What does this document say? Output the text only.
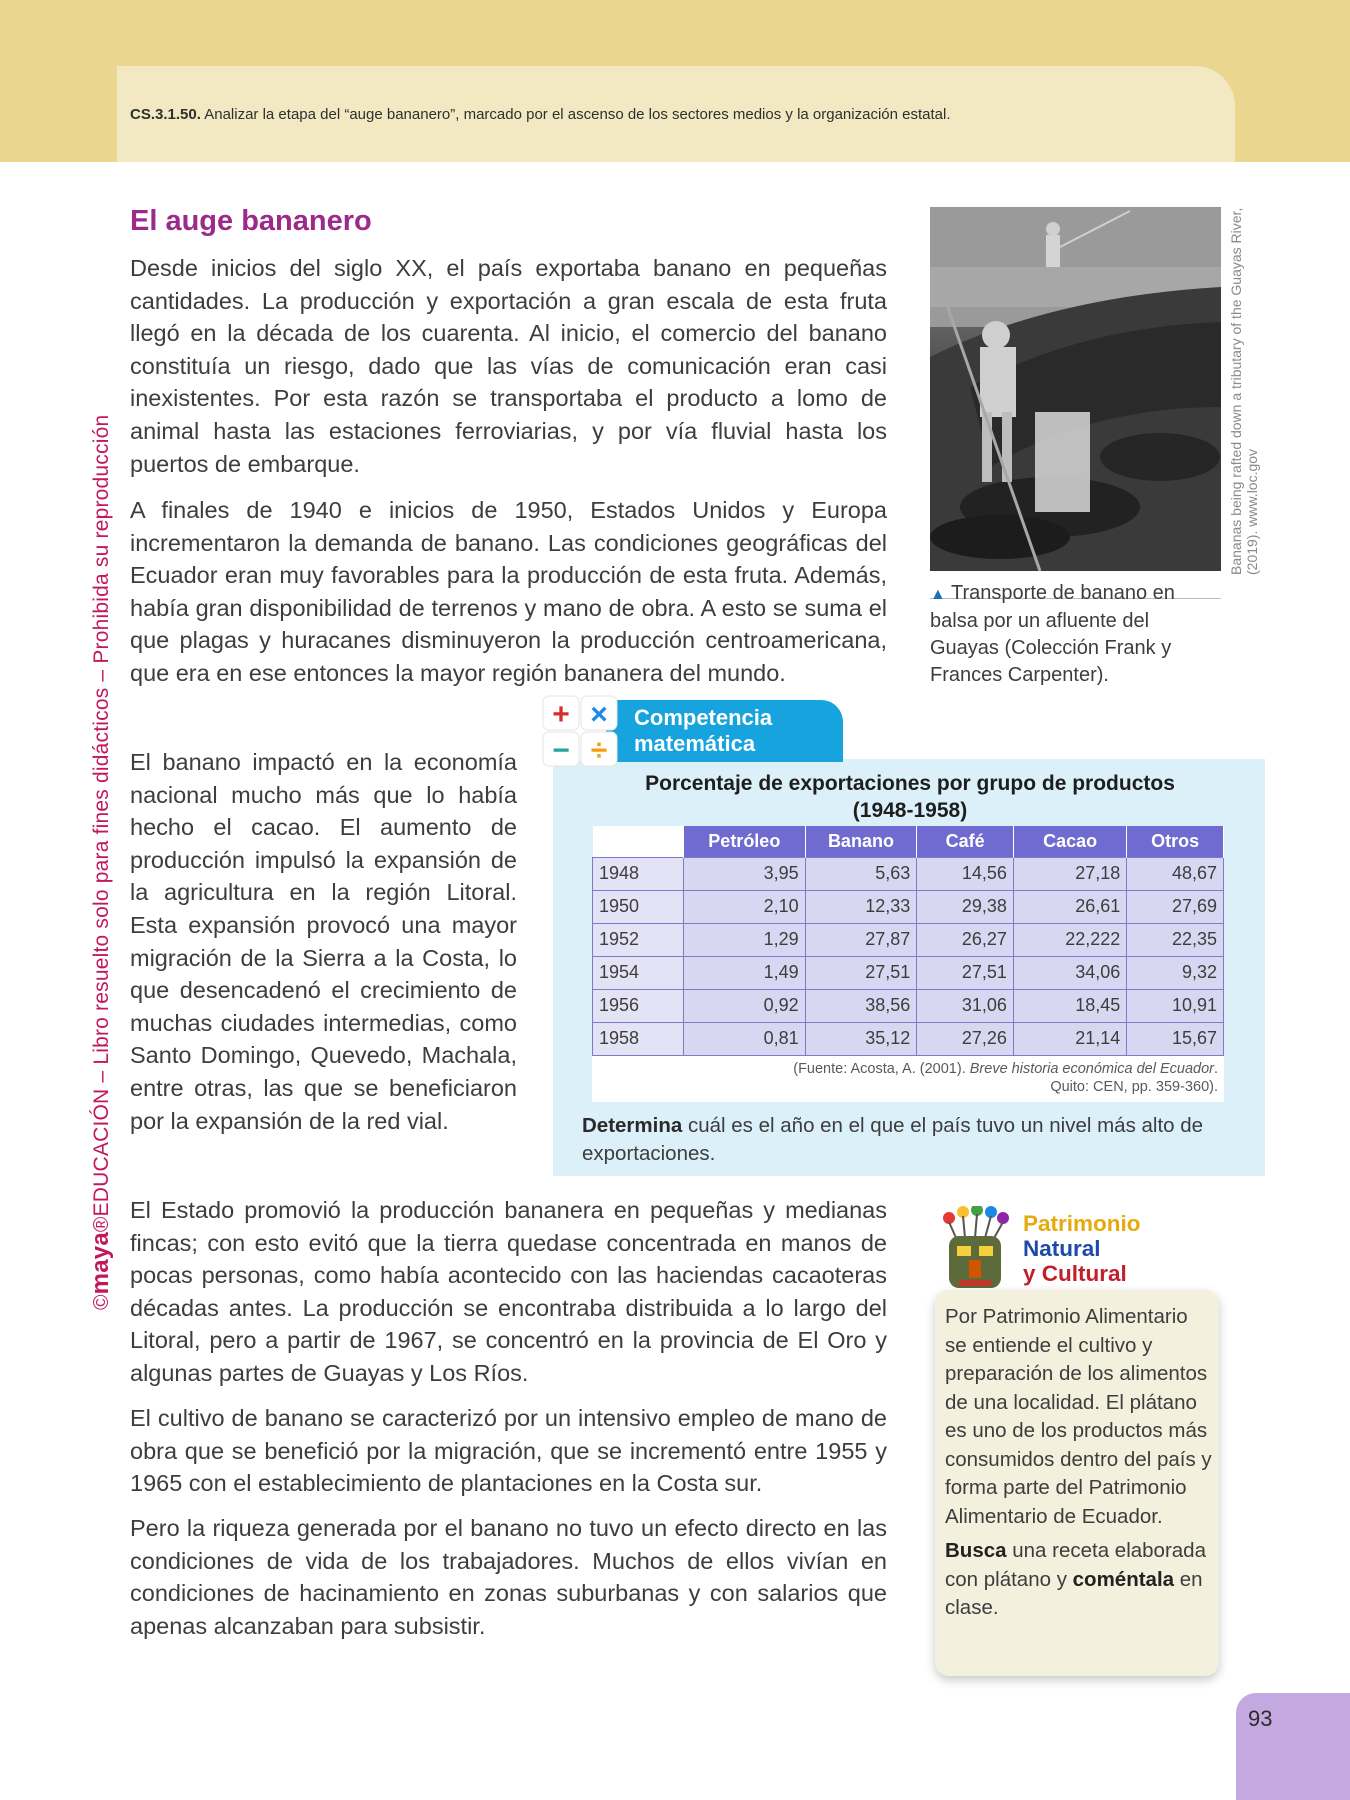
CS.3.1.50. Analizar la etapa del “auge bananero”, marcado por el ascenso de los sectores medios y la organización estatal.
©maya®EDUCACIÓN – Libro resuelto solo para fines didácticos – Prohibida su reproducción
El auge bananero

Desde inicios del siglo XX, el país exportaba banano en pequeñas cantidades. La producción y exportación a gran escala de esta fruta llegó en la década de los cuarenta. Al inicio, el comercio del banano constituía un riesgo, dado que las vías de comunicación eran casi inexistentes. Por esta razón se transportaba el producto a lomo de animal hasta las estaciones ferroviarias, y por vía fluvial hasta los puertos de embarque.

A finales de 1940 e inicios de 1950, Estados Unidos y Europa incrementaron la demanda de banano. Las condiciones geográficas del Ecuador eran muy favorables para la producción de esta fruta. Además, había gran disponibilidad de terrenos y mano de obra. A esto se suma el que plagas y huracanes disminuyeron la producción centroamericana, que era en ese entonces la mayor región bananera del mundo.

El banano impactó en la economía nacional mucho más que lo había hecho el cacao. El aumento de producción impulsó la expansión de la agricultura en la región Litoral. Esta expansión provocó una mayor migración de la Sierra a la Costa, lo que desencadenó el crecimiento de muchas ciudades intermedias, como Santo Domingo, Quevedo, Machala, entre otras, las que se beneficiaron por la expansión de la red vial.

El Estado promovió la producción bananera en pequeñas y medianas fincas; con esto evitó que la tierra quedase concentrada en manos de pocas personas, como había acontecido con las haciendas cacaoteras décadas antes. La producción se encontraba distribuida a lo largo del Litoral, pero a partir de 1967, se concentró en la provincia de El Oro y algunas partes de Guayas y Los Ríos.

El cultivo de banano se caracterizó por un intensivo empleo de mano de obra que se benefició por la migración, que se incrementó entre 1955 y 1965 con el establecimiento de plantaciones en la Costa sur.

Pero la riqueza generada por el banano no tuvo un efecto directo en las condiciones de vida de los trabajadores. Muchos de ellos vivían en condiciones de hacinamiento en zonas suburbanas y con salarios que apenas alcanzaban para subsistir.

Bananas being rafted down a tributary of the Guayas River, (2019). www.loc.gov
▲ Transporte de banano en balsa por un afluente del Guayas (Colección Frank y Frances Carpenter).
+ ×
− ÷
Competencia
matemática
Porcentaje de exportaciones por grupo de productos
(1948-1958)
	Petróleo	Banano	Café	Cacao	Otros
1948	3,95	5,63	14,56	27,18	48,67
1950	2,10	12,33	29,38	26,61	27,69
1952	1,29	27,87	26,27	22,222	22,35
1954	1,49	27,51	27,51	34,06	9,32
1956	0,92	38,56	31,06	18,45	10,91
1958	0,81	35,12	27,26	21,14	15,67
(Fuente: Acosta, A. (2001). Breve historia económica del Ecuador.
Quito: CEN, pp. 359-360).
Determina cuál es el año en el que el país tuvo un nivel más alto de exportaciones.
Patrimonio
Natural
y Cultural

Por Patrimonio Alimentario se entiende el cultivo y preparación de los alimentos de una localidad. El plátano es uno de los productos más consumidos dentro del país y forma parte del Patrimonio Alimentario de Ecuador.

Busca una receta elaborada con plátano y coméntala en clase.

93
